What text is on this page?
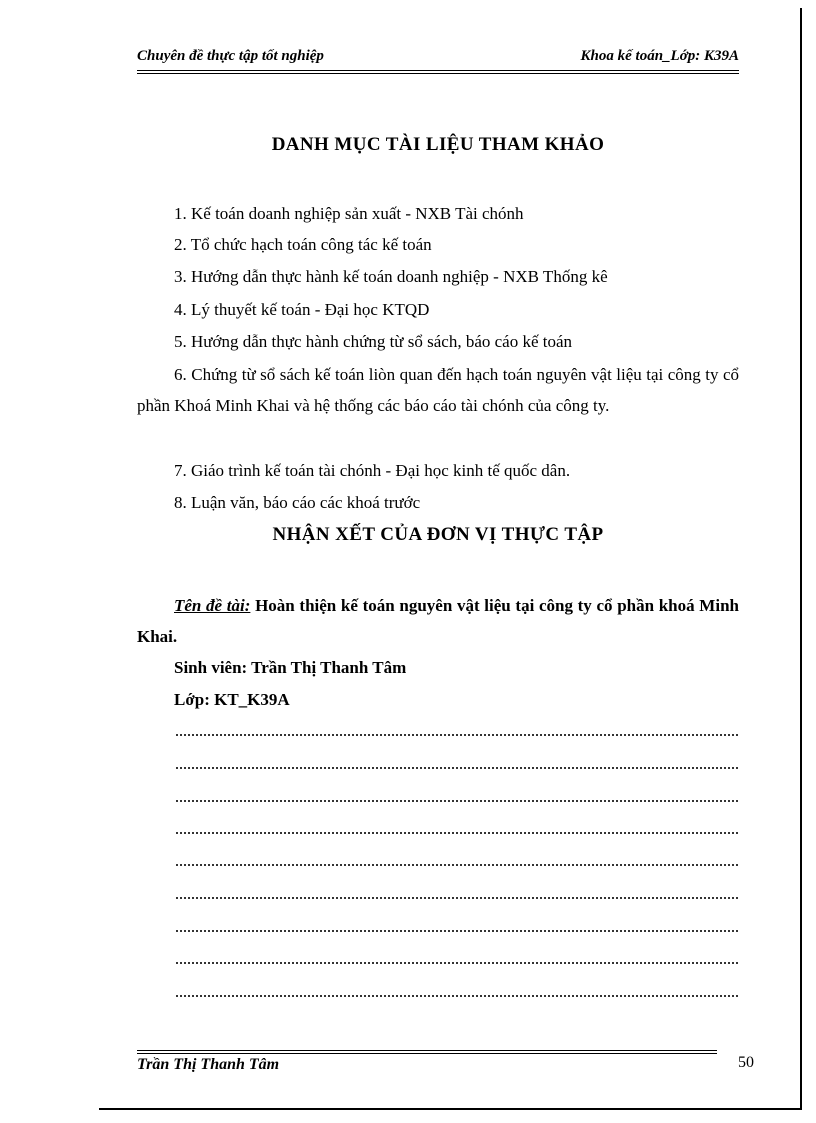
Chuyên đề thực tập tốt nghiệp	Khoa kế toán_Lớp: K39A
DANH MỤC TÀI LIỆU THAM KHẢO
1. Kế toán doanh nghiệp sản xuất - NXB Tài chónh
2. Tổ chức hạch toán công tác kế toán
3. Hướng dẫn thực hành kế toán doanh nghiệp - NXB Thống kê
4. Lý thuyết kế toán - Đại học KTQD
5. Hướng dẫn thực hành chứng từ sổ sách, báo cáo kế toán
6. Chứng từ sổ sách kế toán liòn quan đến hạch toán nguyên vật liệu tại công ty cổ phần Khoá Minh Khai và hệ thống các báo cáo tài chónh của công ty.
7. Giáo trình kế toán tài chónh - Đại học kinh tế quốc dân.
8. Luận văn, báo cáo các khoá trước
NHẬN XẾT CỦA ĐƠN VỊ THỰC TẬP
Tên đề tài: Hoàn thiện kế toán nguyên vật liệu tại công ty cổ phần khoá Minh Khai.
Sinh viên: Trần Thị Thanh Tâm
Lớp: KT_K39A
Trần Thị Thanh Tâm	50
